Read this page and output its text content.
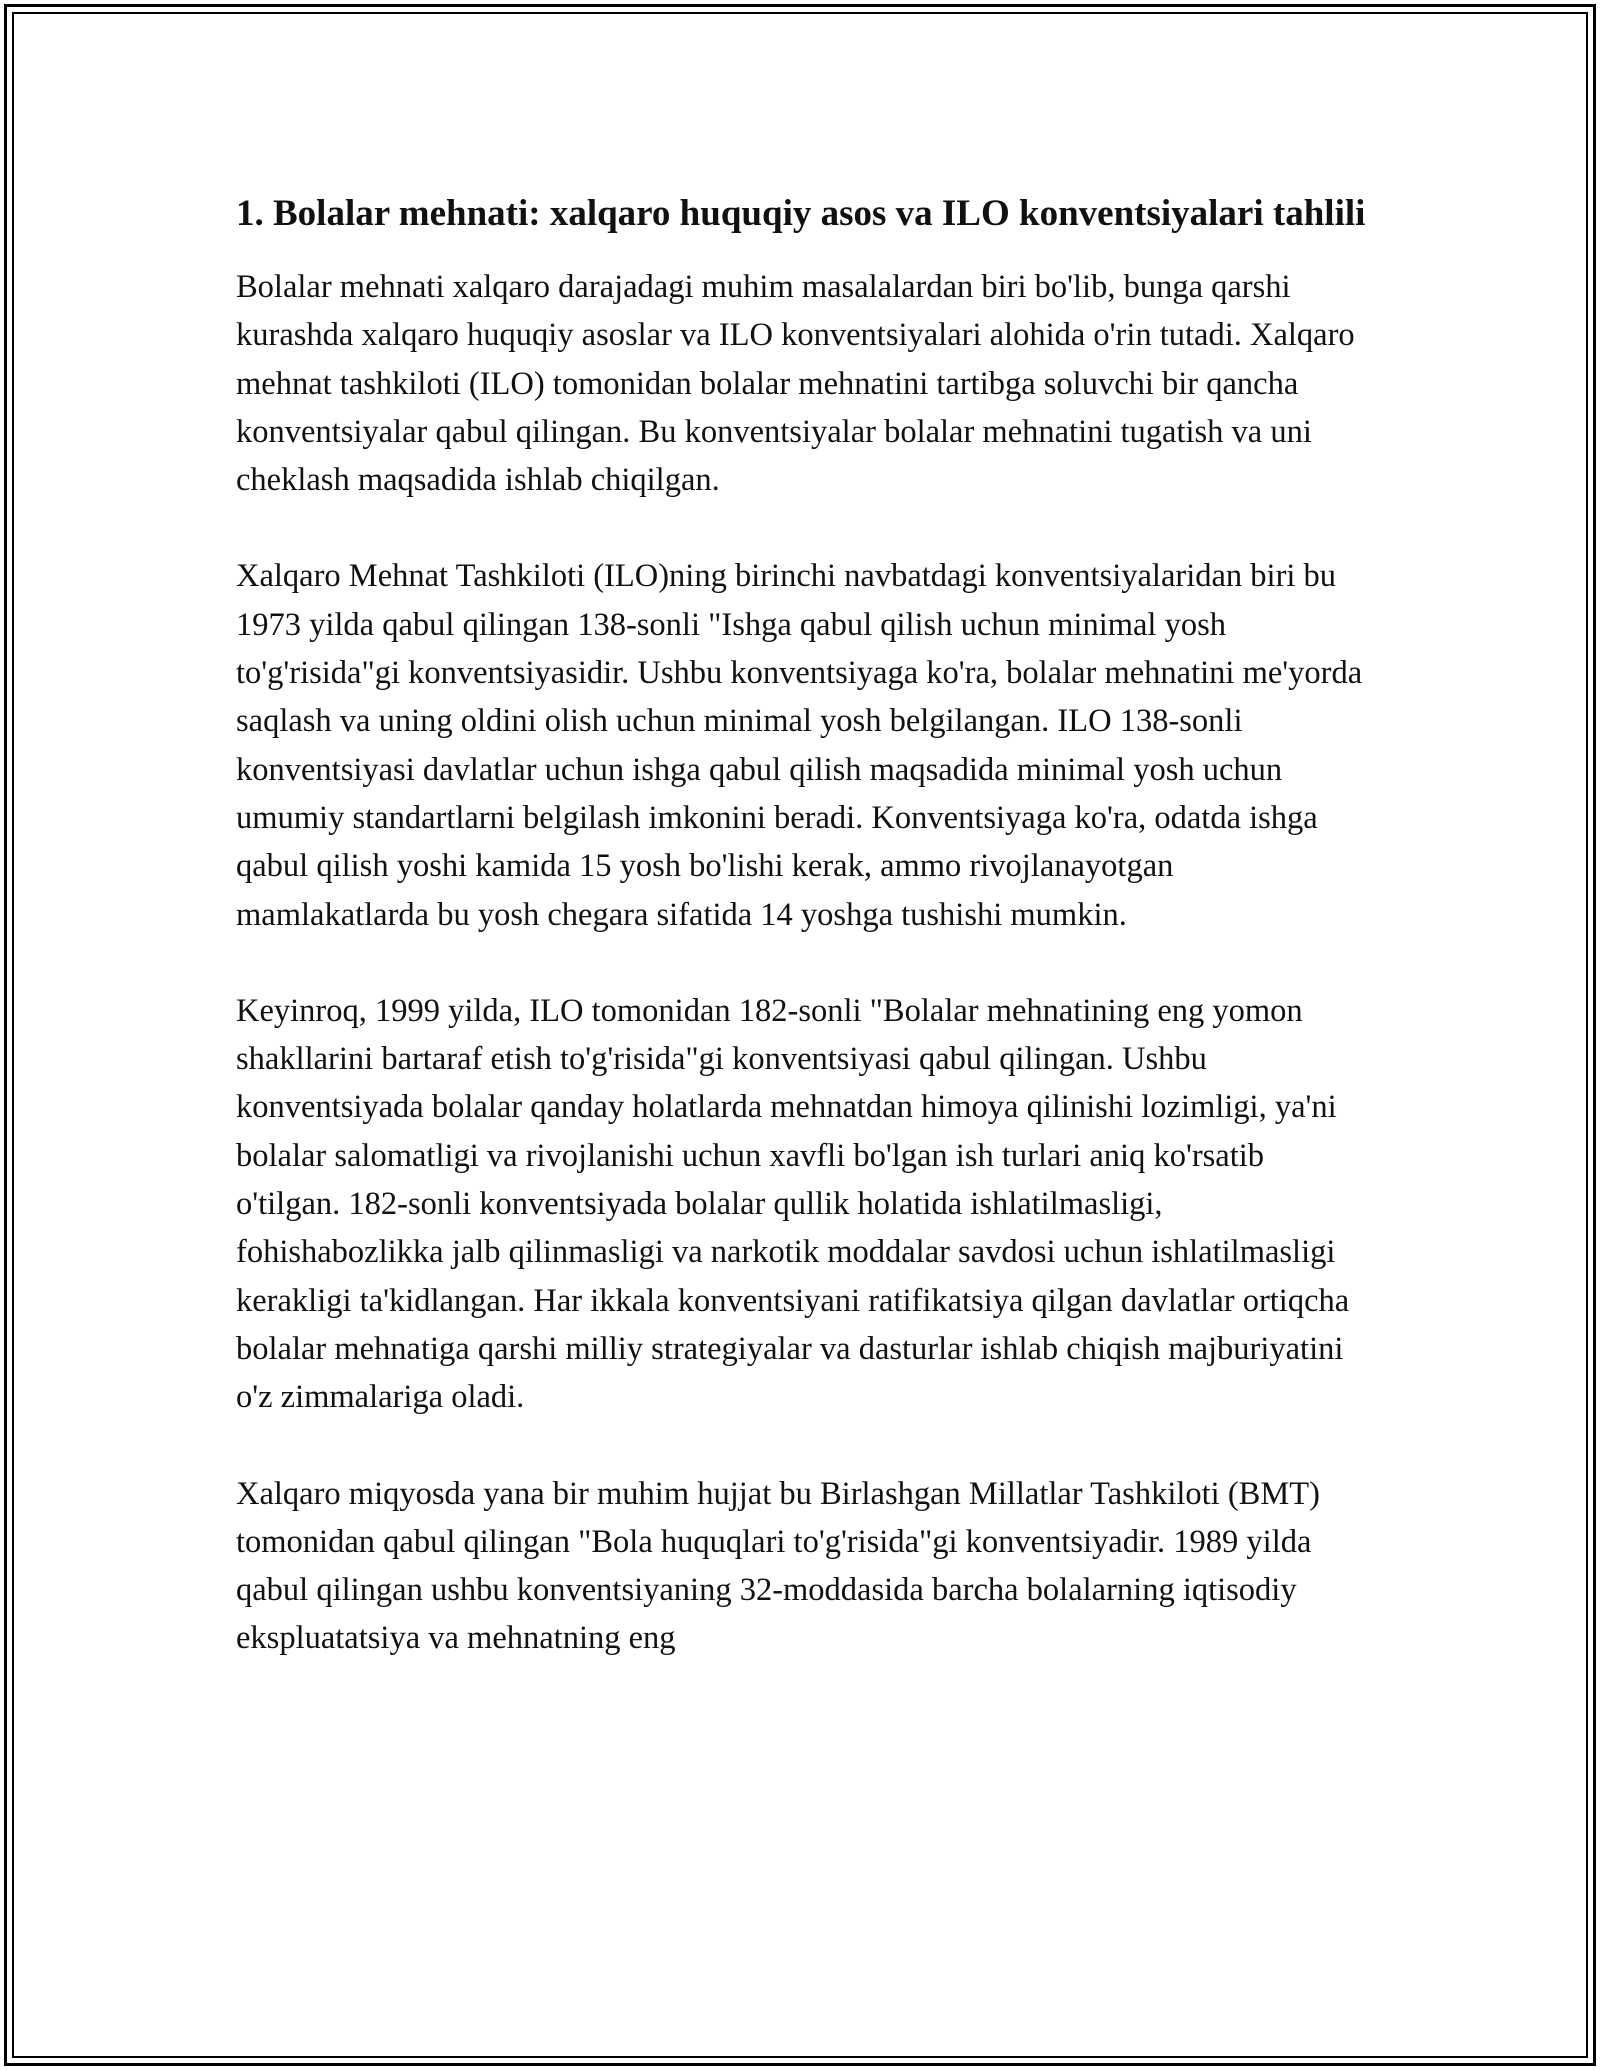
1. Bolalar mehnati: xalqaro huquqiy asos va ILO konventsiyalari tahlili

Bolalar mehnati xalqaro darajadagi muhim masalalardan biri bo'lib, bunga qarshi kurashda xalqaro huquqiy asoslar va ILO konventsiyalari alohida o'rin tutadi. Xalqaro mehnat tashkiloti (ILO) tomonidan bolalar mehnatini tartibga soluvchi bir qancha konventsiyalar qabul qilingan. Bu konventsiyalar bolalar mehnatini tugatish va uni cheklash maqsadida ishlab chiqilgan.

Xalqaro Mehnat Tashkiloti (ILO)ning birinchi navbatdagi konventsiyalaridan biri bu 1973 yilda qabul qilingan 138-sonli "Ishga qabul qilish uchun minimal yosh to'g'risida"gi konventsiyasidir. Ushbu konventsiyaga ko'ra, bolalar mehnatini me'yorda saqlash va uning oldini olish uchun minimal yosh belgilangan. ILO 138-sonli konventsiyasi davlatlar uchun ishga qabul qilish maqsadida minimal yosh uchun umumiy standartlarni belgilash imkonini beradi. Konventsiyaga ko'ra, odatda ishga qabul qilish yoshi kamida 15 yosh bo'lishi kerak, ammo rivojlanayotgan mamlakatlarda bu yosh chegara sifatida 14 yoshga tushishi mumkin.

Keyinroq, 1999 yilda, ILO tomonidan 182-sonli "Bolalar mehnatining eng yomon shakllarini bartaraf etish to'g'risida"gi konventsiyasi qabul qilingan. Ushbu konventsiyada bolalar qanday holatlarda mehnatdan himoya qilinishi lozimligi, ya'ni bolalar salomatligi va rivojlanishi uchun xavfli bo'lgan ish turlari aniq ko'rsatib o'tilgan. 182-sonli konventsiyada bolalar qullik holatida ishlatilmasligi, fohishabozlikka jalb qilinmasligi va narkotik moddalar savdosi uchun ishlatilmasligi kerakligi ta'kidlangan. Har ikkala konventsiyani ratifikatsiya qilgan davlatlar ortiqcha bolalar mehnatiga qarshi milliy strategiyalar va dasturlar ishlab chiqish majburiyatini o'z zimmalariga oladi.

Xalqaro miqyosda yana bir muhim hujjat bu Birlashgan Millatlar Tashkiloti (BMT) tomonidan qabul qilingan "Bola huquqlari to'g'risida"gi konventsiyadir. 1989 yilda qabul qilingan ushbu konventsiyaning 32-moddasida barcha bolalarning iqtisodiy ekspluatatsiya va mehnatning eng
